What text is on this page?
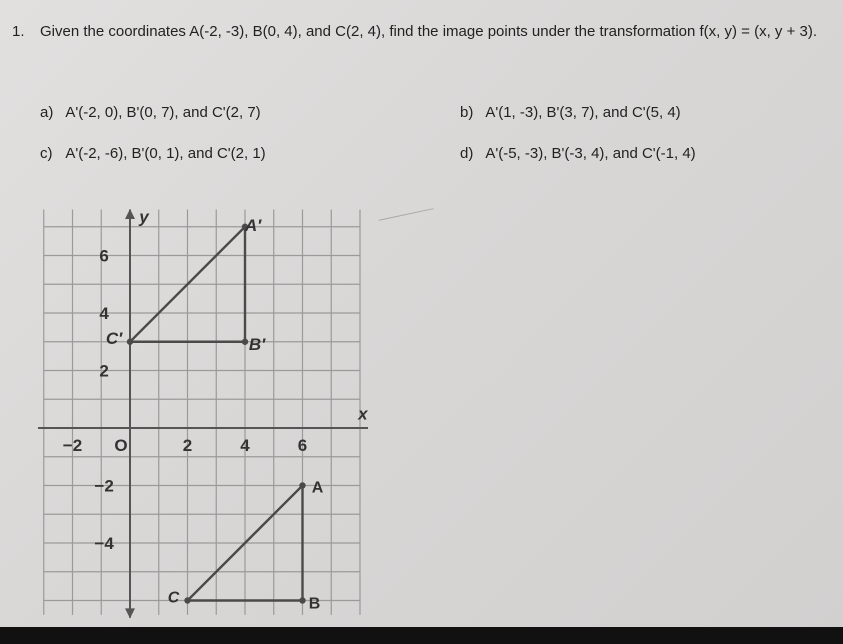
1. Given the coordinates A(-2, -3), B(0, 4), and C(2, 4), find the image points under the transformation f(x, y) = (x, y + 3).
a) A'(-2, 0), B'(0, 7), and C'(2, 7)	b) A'(1, -3), B'(3, 7), and C'(5, 4)
c) A'(-2, -6), B'(0, 1), and C'(2, 1)	d) A'(-5, -3), B'(-3, 4), and C'(-1, 4)
y
x
−2 O	2	4	6
6
4
2
−2
−4
A′
B′
C′
A
B
C
